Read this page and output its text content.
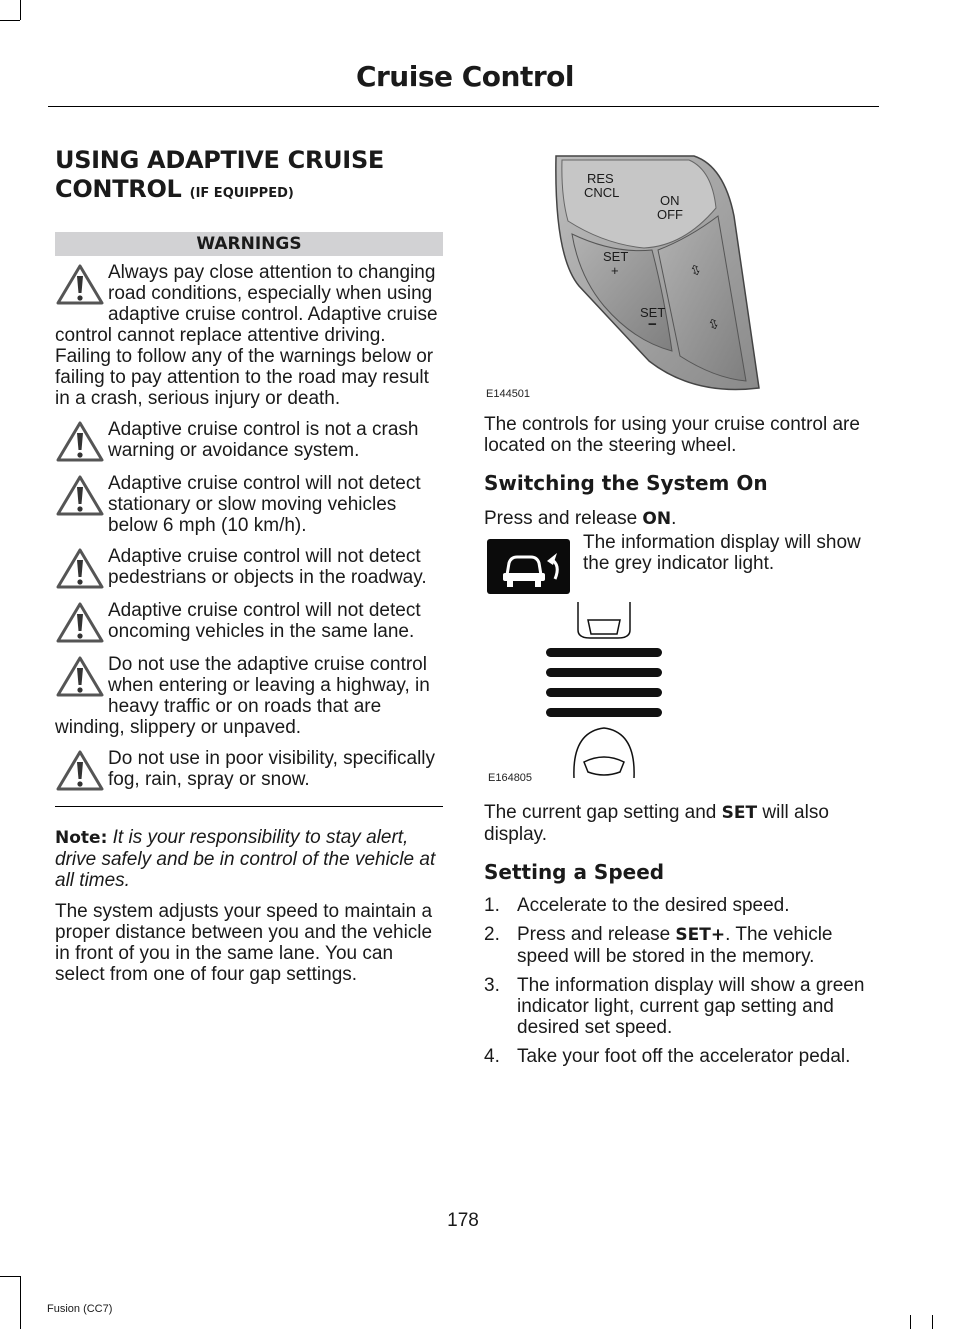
Cruise Control
USING ADAPTIVE CRUISE
CONTROL (IF EQUIPPED)
WARNINGS

Always pay close attention to changing road conditions, especially when using adaptive cruise control. Adaptive cruise control cannot replace attentive driving. Failing to follow any of the warnings below or failing to pay attention to the road may result in a crash, serious injury or death.

Adaptive cruise control is not a crash warning or avoidance system.

Adaptive cruise control will not detect stationary or slow moving vehicles below 6 mph (10 km/h).

Adaptive cruise control will not detect pedestrians or objects in the roadway.

Adaptive cruise control will not detect oncoming vehicles in the same lane.

Do not use the adaptive cruise control when entering or leaving a highway, in heavy traffic or on roads that are winding, slippery or unpaved.

Do not use in poor visibility, specifically fog, rain, spray or snow.

Note: It is your responsibility to stay alert, drive safely and be in control of the vehicle at all times.

The system adjusts your speed to maintain a proper distance between you and the vehicle in front of you in the same lane. You can select from one of four gap settings.

RES
CNCL
ON
OFF
SET
+
SET
−
⇳
⇳
E144501

The controls for using your cruise control are located on the steering wheel.

Switching the System On

Press and release ON.

The information display will show the grey indicator light.

E164805

The current gap setting and SET will also display.

Setting a Speed
1. Accelerate to the desired speed.
2. Press and release SET+. The vehicle speed will be stored in the memory.
3. The information display will show a green indicator light, current gap setting and desired set speed.
4. Take your foot off the accelerator pedal.
178
Fusion (CC7)
